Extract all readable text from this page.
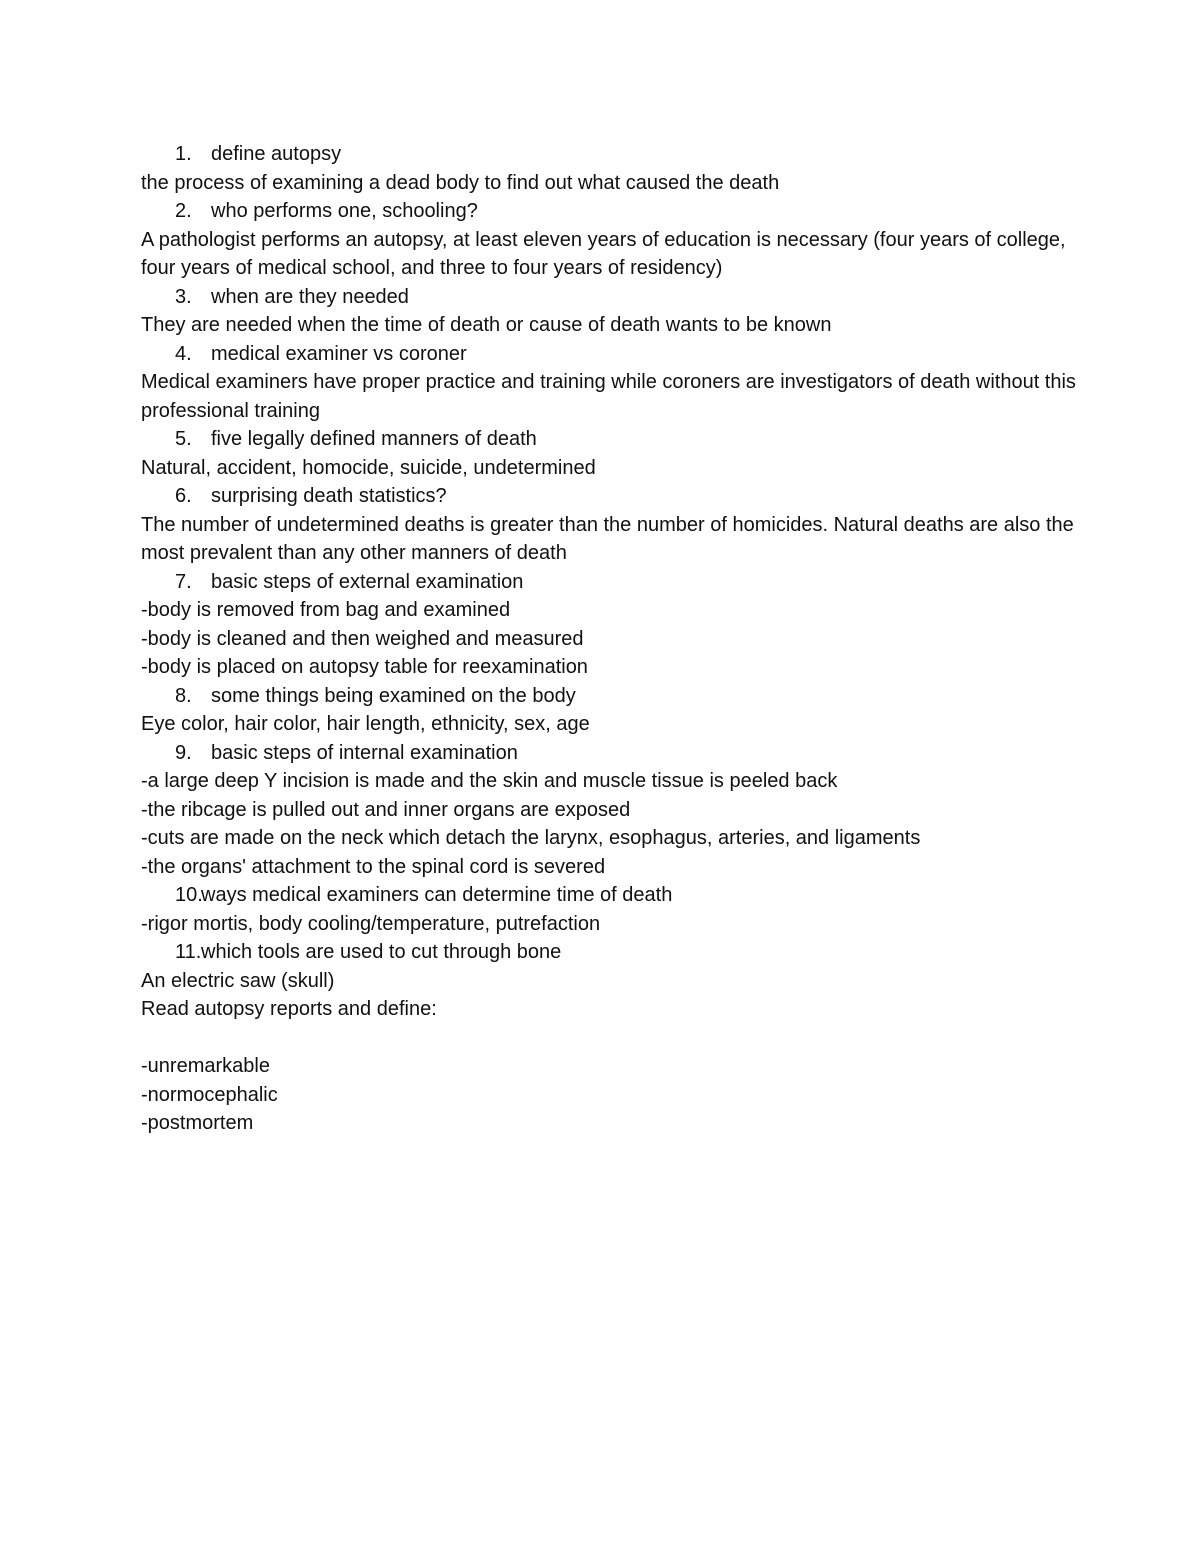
1. define autopsy
the process of examining a dead body to find out what caused the death
2. who performs one, schooling?
A pathologist performs an autopsy, at least eleven years of education is necessary (four years of college, four years of medical school, and three to four years of residency)
3. when are they needed
They are needed when the time of death or cause of death wants to be known
4. medical examiner vs coroner
Medical examiners have proper practice and training while coroners are investigators of death without this professional training
5. five legally defined manners of death
Natural, accident, homocide, suicide, undetermined
6. surprising death statistics?
The number of undetermined deaths is greater than the number of homicides. Natural deaths are also the most prevalent than any other manners of death
7. basic steps of external examination
-body is removed from bag and examined
-body is cleaned and then weighed and measured
-body is placed on autopsy table for reexamination
8. some things being examined on the body
Eye color, hair color, hair length, ethnicity, sex, age
9. basic steps of internal examination
-a large deep Y incision is made and the skin and muscle tissue is peeled back
-the ribcage is pulled out and inner organs are exposed
-cuts are made on the neck which detach the larynx, esophagus, arteries, and ligaments
-the organs' attachment to the spinal cord is severed
10.
ways medical examiners can determine time of death
-rigor mortis, body cooling/temperature, putrefaction
11. which tools are used to cut through bone
An electric saw (skull)
Read autopsy reports and define:
-unremarkable
-normocephalic
-postmortem
